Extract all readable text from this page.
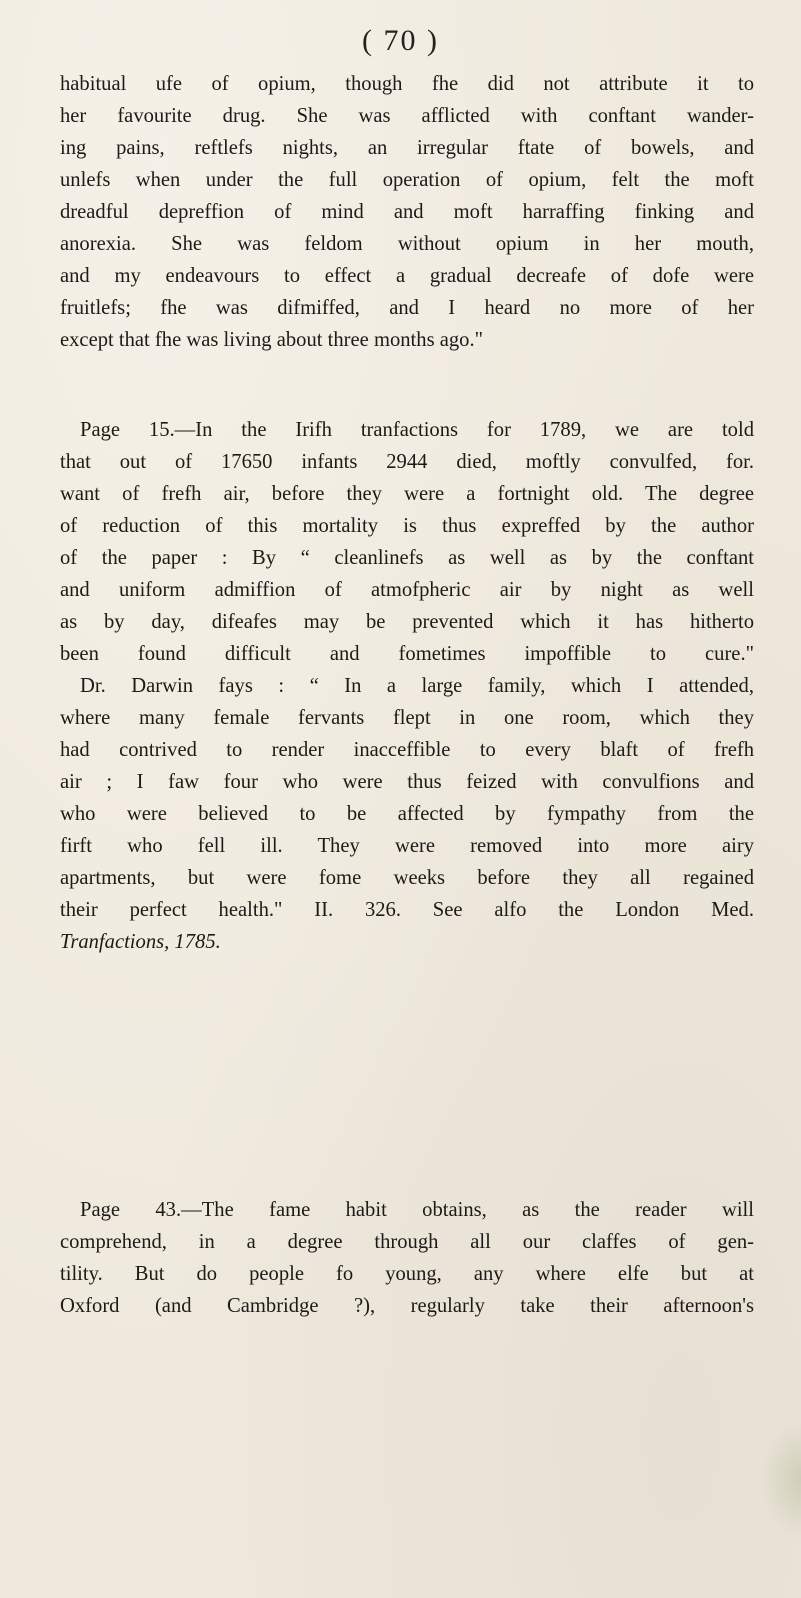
( 70 )
habitual ufe of opium, though fhe did not attribute it to
her favourite drug. She was afflicted with conftant wander-
ing pains, reftlefs nights, an irregular ftate of bowels, and
unlefs when under the full operation of opium, felt the moft
dreadful depreffion of mind and moft harraffing finking and
anorexia. She was feldom without opium in her mouth,
and my endeavours to effect a gradual decreafe of dofe were
fruitlefs; fhe was difmiffed, and I heard no more of her
except that fhe was living about three months ago."
Page 15.—In the Irifh tranfactions for 1789, we are told
that out of 17650 infants 2944 died, moftly convulfed, for.
want of frefh air, before they were a fortnight old. The degree
of reduction of this mortality is thus expreffed by the author
of the paper : By “ cleanlinefs as well as by the conftant
and uniform admiffion of atmofpheric air by night as well
as by day, difeafes may be prevented which it has hitherto
been found difficult and fometimes impoffible to cure."
Dr. Darwin fays : “ In a large family, which I attended,
where many female fervants flept in one room, which they
had contrived to render inacceffible to every blaft of frefh
air ; I faw four who were thus feized with convulfions and
who were believed to be affected by fympathy from the
firft who fell ill. They were removed into more airy
apartments, but were fome weeks before they all regained
their perfect health." II. 326. See alfo the London Med.
Tranfactions, 1785.
Page 43.—The fame habit obtains, as the reader will
comprehend, in a degree through all our claffes of gen-
tility. But do people fo young, any where elfe but at
Oxford (and Cambridge ?), regularly take their afternoon's
